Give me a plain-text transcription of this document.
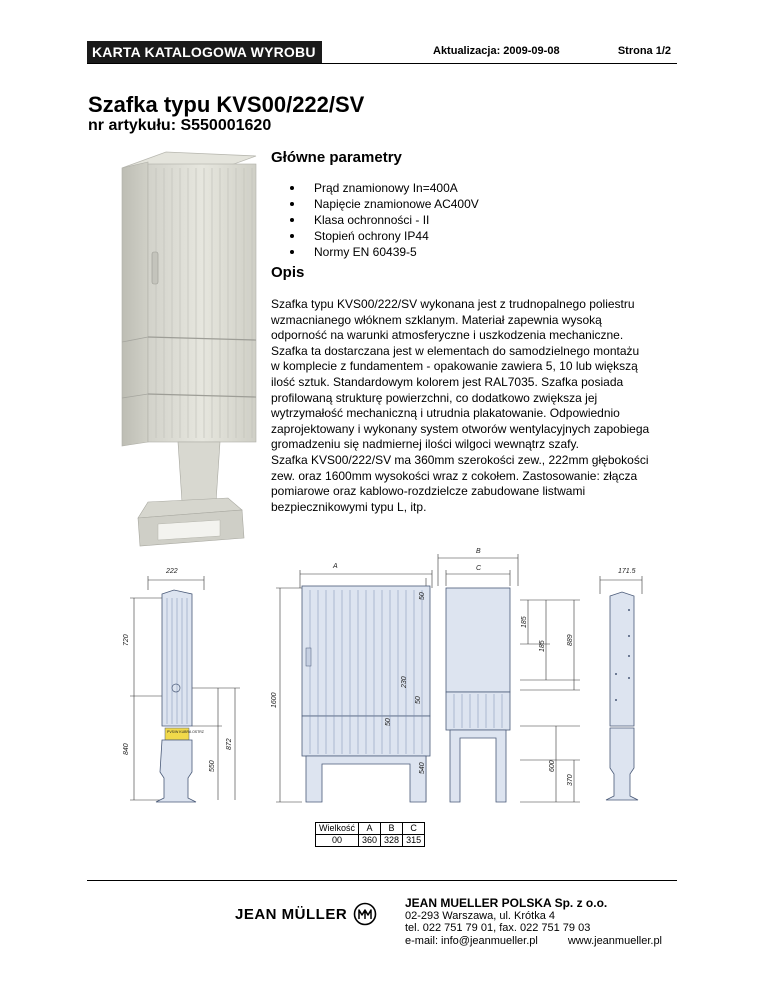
KARTA KATALOGOWA WYROBU	Aktualizacja: 2009-09-08	Strona 1/2
Szafka typu KVS00/222/SV
nr artykułu: S550001620
Główne parametry
Prąd znamionowy In=400A
Napięcie znamionowe AC400V
Klasa ochronności - II
Stopień ochrony IP44
Normy EN 60439-5
Opis

Szafka typu KVS00/222/SV wykonana jest z trudnopalnego poliestru

wzmacnianego włóknem szklanym. Materiał zapewnia wysoką

odporność na warunki atmosferyczne i uszkodzenia mechaniczne.

Szafka ta dostarczana jest w elementach do samodzielnego montażu

w komplecie z fundamentem - opakowanie zawiera 5, 10 lub większą

ilość sztuk. Standardowym kolorem jest RAL7035. Szafka posiada

profilowaną strukturę powierzchni, co dodatkowo zwiększa jej

wytrzymałość mechaniczną i utrudnia plakatowanie. Odpowiednio

zaprojektowany i wykonany system otworów wentylacyjnych zapobiega

gromadzeniu się nadmiernej ilości wilgoci wewnątrz szafy.

Szafka KVS00/222/SV ma 360mm szerokości zew., 222mm głębokości

zew. oraz 1600mm wysokości wraz z cokołem. Zastosowanie: złącza

pomiarowe oraz kablowo-rozdzielcze zabudowane listwami

bezpiecznikowymi typu L, itp.

PVS/W KUBRA OSTRZ
222
720
840
550
872
A
1600
50
230
50
50
540
B
C
185
185
889
600
370
171.5
Wielkość	A	B	C
00	360	328	315
JEAN MÜLLER
JEAN MUELLER POLSKA Sp. z o.o.
02-293 Warszawa, ul. Krótka 4
tel. 022 751 79 01, fax. 022 751 79 03
e-mail: info@jeanmueller.pl	www.jeanmueller.pl
